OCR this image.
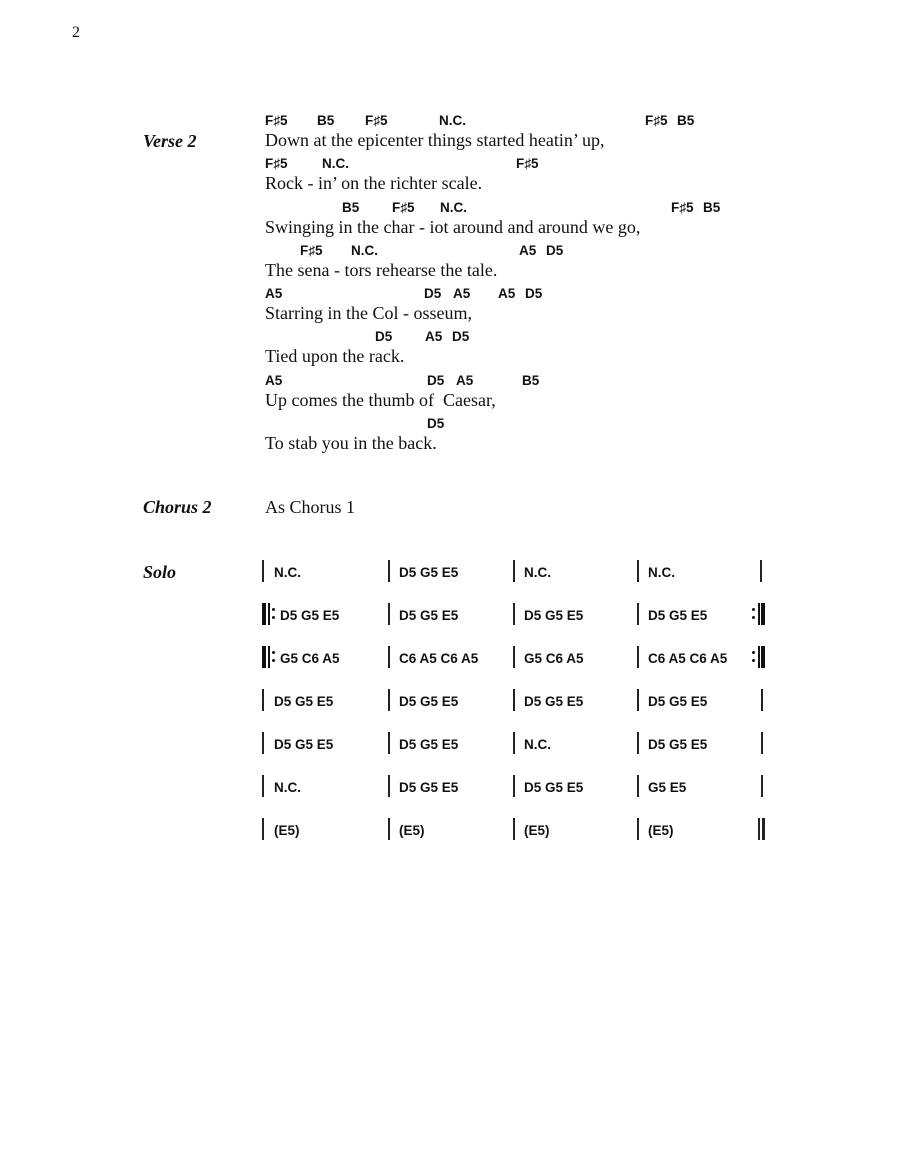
2
Verse 2
F♯5 B5 F♯5	N.C.	F♯5 B5
Down at the epicenter things started heatin’ up,
F♯5	N.C.	F♯5
Rock - in’ on the richter scale.
B5 F♯5 N.C.	F♯5 B5
Swinging in the char - iot around and around we go,
F♯5 N.C.	A5 D5
The sena - tors rehearse the tale.
A5	D5 A5 A5 D5
Starring in the Col - osseum,
D5 A5 D5
Tied upon the rack.
A5	D5 A5	B5
Up comes the thumb of  Caesar,
D5
To stab you in the back.
Chorus 2	As Chorus 1
Solo	N.C.	D5 G5 E5	N.C.	N.C.
D5 G5 E5	D5 G5 E5	D5 G5 E5	D5 G5 E5
G5 C6 A5	C6 A5 C6 A5	G5 C6 A5	C6 A5 C6 A5
D5 G5 E5	D5 G5 E5	D5 G5 E5	D5 G5 E5
D5 G5 E5	D5 G5 E5	N.C.	D5 G5 E5
N.C.	D5 G5 E5	D5 G5 E5	G5 E5
(E5)	(E5)	(E5)	(E5)
